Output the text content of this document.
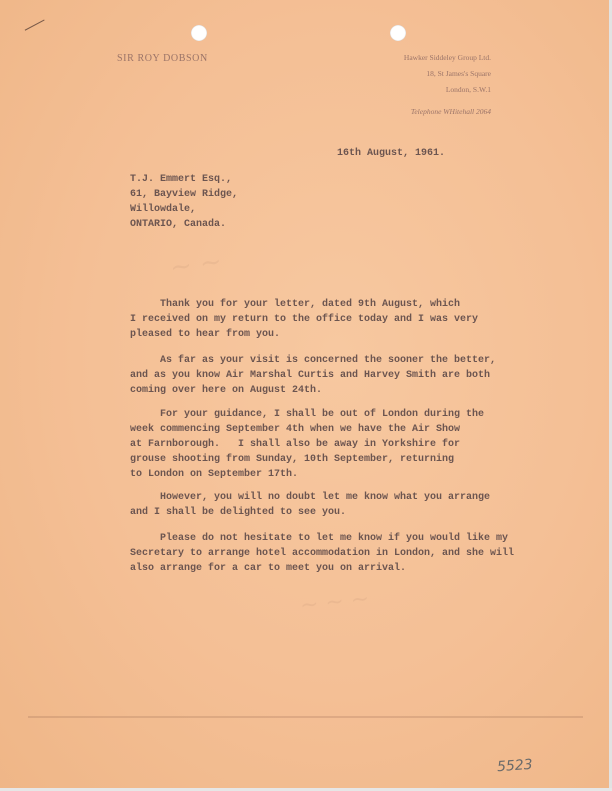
SIR ROY DOBSON	Hawker Siddeley Group Ltd.
18, St James's Square
London, S.W.1
Telephone WHitehall 2064
16th August, 1961.
T.J. Emmert Esq.,
61, Bayview Ridge,
Willowdale,
ONTARIO, Canada.
~ ~
Thank you for your letter, dated 9th August, which
I received on my return to the office today and I was very
pleased to hear from you.
As far as your visit is concerned the sooner the better,
and as you know Air Marshal Curtis and Harvey Smith are both
coming over here on August 24th.
For your guidance, I shall be out of London during the
week commencing September 4th when we have the Air Show
at Farnborough.   I shall also be away in Yorkshire for
grouse shooting from Sunday, 10th September, returning
to London on September 17th.
However, you will no doubt let me know what you arrange
and I shall be delighted to see you.
Please do not hesitate to let me know if you would like my
Secretary to arrange hotel accommodation in London, and she will
also arrange for a car to meet you on arrival.
~ ~ ~
5523
